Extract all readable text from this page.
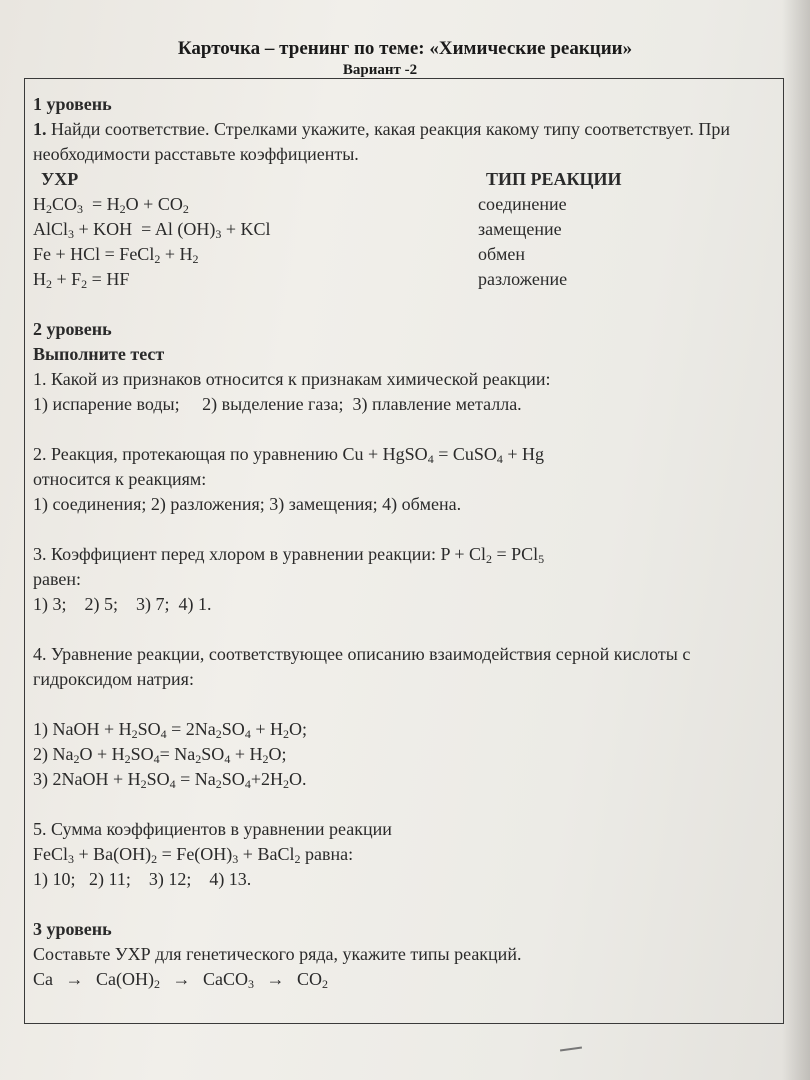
Карточка – тренинг по теме: «Химические реакции»
Вариант -2

1 уровень

1. Найди соответствие. Стрелками укажите, какая реакция какому типу соответствует. При необходимости расставьте коэффициенты.

УХР	ТИП РЕАКЦИИ
$H_2CO_3 = H_2O + CO_2$	соединение
AlCl$_3$ + KOH  = Al $(OH)_3$ + KCl	замещение
Fe + HCl = FeCl$_2$ + $H_2$	обмен
$H_2 + F_2$ = HF	разложение

2 уровень

Выполните тест

1. Какой из признаков относится к признакам химической реакции:

1) испарение воды;     2) выделение газа;  3) плавление металла.

2. Реакция, протекающая по уравнению Cu + HgSO$_4$ = CuSO$_4$ + Hg

относится к реакциям:

1) соединения; 2) разложения; 3) замещения; 4) обмена.

3. Коэффициент перед хлором в уравнении реакции: $P + Cl_2 = PCl_5$

равен:

1) 3;    2) 5;    3) 7;  4) 1.

4. Уравнение реакции, соответствующее описанию взаимодействия серной кислоты с гидроксидом натрия:

1) NaOH + $H_2SO_4 = 2Na_2SO_4 + H_2O$;

2) $Na_2O + H_2SO_4= Na_2SO_4 + H_2O$;

3) 2NaOH + $H_2SO_4 = Na_2SO_4+2H_2O$.

5. Сумма коэффициентов в уравнении реакции

FeCl$_3$ + $Ba(OH)_2 = Fe(OH)_3$ + BaCl$_2$ равна:

1) 10;   2) 11;    3) 12;    4) 13.

3 уровень

Составьте УХР для генетического ряда, укажите типы реакций.

$Ca \to Ca(OH)_2$ → CaCO$_3$ → $CO_2$
